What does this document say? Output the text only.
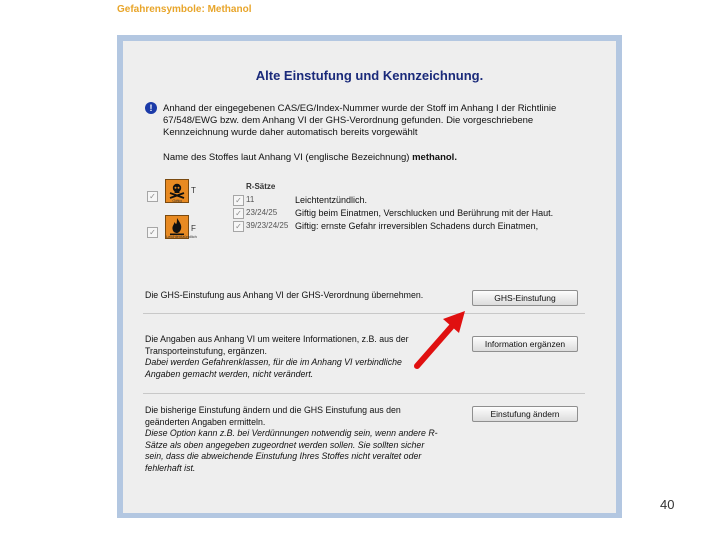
Gefahrensymbole: Methanol
Alte Einstufung und Kennzeichnung.
!	Anhand der eingegebenen CAS/EG/Index-Nummer wurde der Stoff im Anhang I der Richtlinie 67/548/EWG bzw. dem Anhang VI der GHS-Verordnung gefunden. Die vorgeschriebene Kennzeichnung wurde daher automatisch bereits vorgewählt
Name des Stoffes laut Anhang VI (englische Bezeichnung) methanol.
✓	Giftig
T
✓	Leichtentzündlich
F
R-Sätze
✓ 11	Leichtentzündlich.
✓ 23/24/25 Giftig beim Einatmen, Verschlucken und Berührung mit der Haut.
✓ 39/23/24/25 Giftig: ernste Gefahr irreversiblen Schadens durch Einatmen,
Die GHS-Einstufung aus Anhang VI der GHS-Verordnung übernehmen.	GHS-Einstufung
Die Angaben aus Anhang VI um weitere Informationen, z.B. aus der Transporteinstufung, ergänzen.
Dabei werden Gefahrenklassen, für die im Anhang VI verbindliche Angaben gemacht werden, nicht verändert.
Information ergänzen
Die bisherige Einstufung ändern und die GHS Einstufung aus den geänderten Angaben ermitteln.
Diese Option kann z.B. bei Verdünnungen notwendig sein, wenn andere R-Sätze als oben angegeben zugeordnet werden sollen. Sie sollten sicher sein, dass die abweichende Einstufung Ihres Stoffes nicht veraltet oder fehlerhaft ist.
Einstufung ändern
40
